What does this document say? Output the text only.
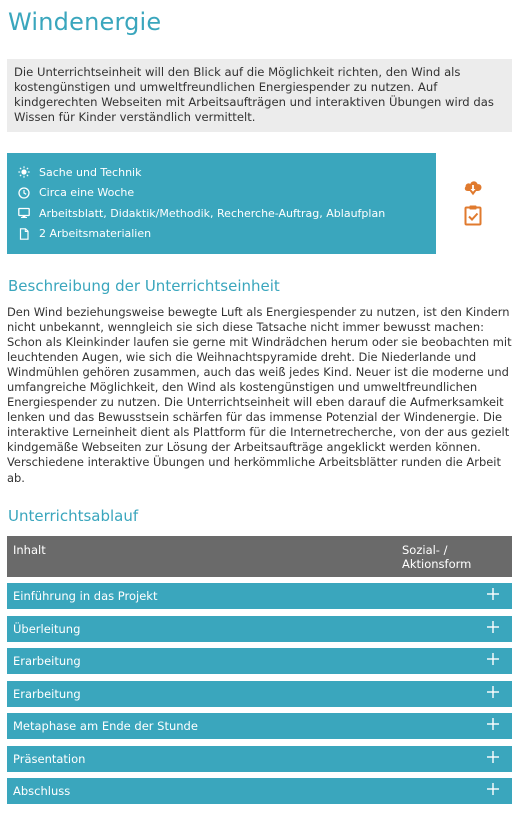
Windenergie
Die Unterrichtseinheit will den Blick auf die Möglichkeit richten, den Wind als kostengünstigen und umweltfreundlichen Energiespender zu nutzen. Auf kindgerechten Webseiten mit Arbeitsaufträgen und interaktiven Übungen wird das Wissen für Kinder verständlich vermittelt.
Sache und Technik
Circa eine Woche
Arbeitsblatt, Didaktik/Methodik, Recherche-Auftrag, Ablaufplan
2 Arbeitsmaterialien
Beschreibung der Unterrichtseinheit

Den Wind beziehungsweise bewegte Luft als Energiespender zu nutzen, ist den Kindern nicht unbekannt, wenngleich sie sich diese Tatsache nicht immer bewusst machen: Schon als Kleinkinder laufen sie gerne mit Windrädchen herum oder sie beobachten mit leuchtenden Augen, wie sich die Weihnachtspyramide dreht. Die Niederlande und Windmühlen gehören zusammen, auch das weiß jedes Kind. Neuer ist die moderne und umfangreiche Möglichkeit, den Wind als kostengünstigen und umweltfreundlichen Energiespender zu nutzen. Die Unterrichtseinheit will eben darauf die Aufmerksamkeit lenken und das Bewusstsein schärfen für das immense Potenzial der Windenergie. Die interaktive Lerneinheit dient als Plattform für die Internetrecherche, von der aus gezielt kindgemäße Webseiten zur Lösung der Arbeitsaufträge angeklickt werden können. Verschiedene interaktive Übungen und herkömmliche Arbeitsblätter runden die Arbeit ab.

Unterrichtsablauf
Inhalt	Sozial- / Aktionsform
Einführung in das Projekt
Überleitung
Erarbeitung
Erarbeitung
Metaphase am Ende der Stunde
Präsentation
Abschluss
